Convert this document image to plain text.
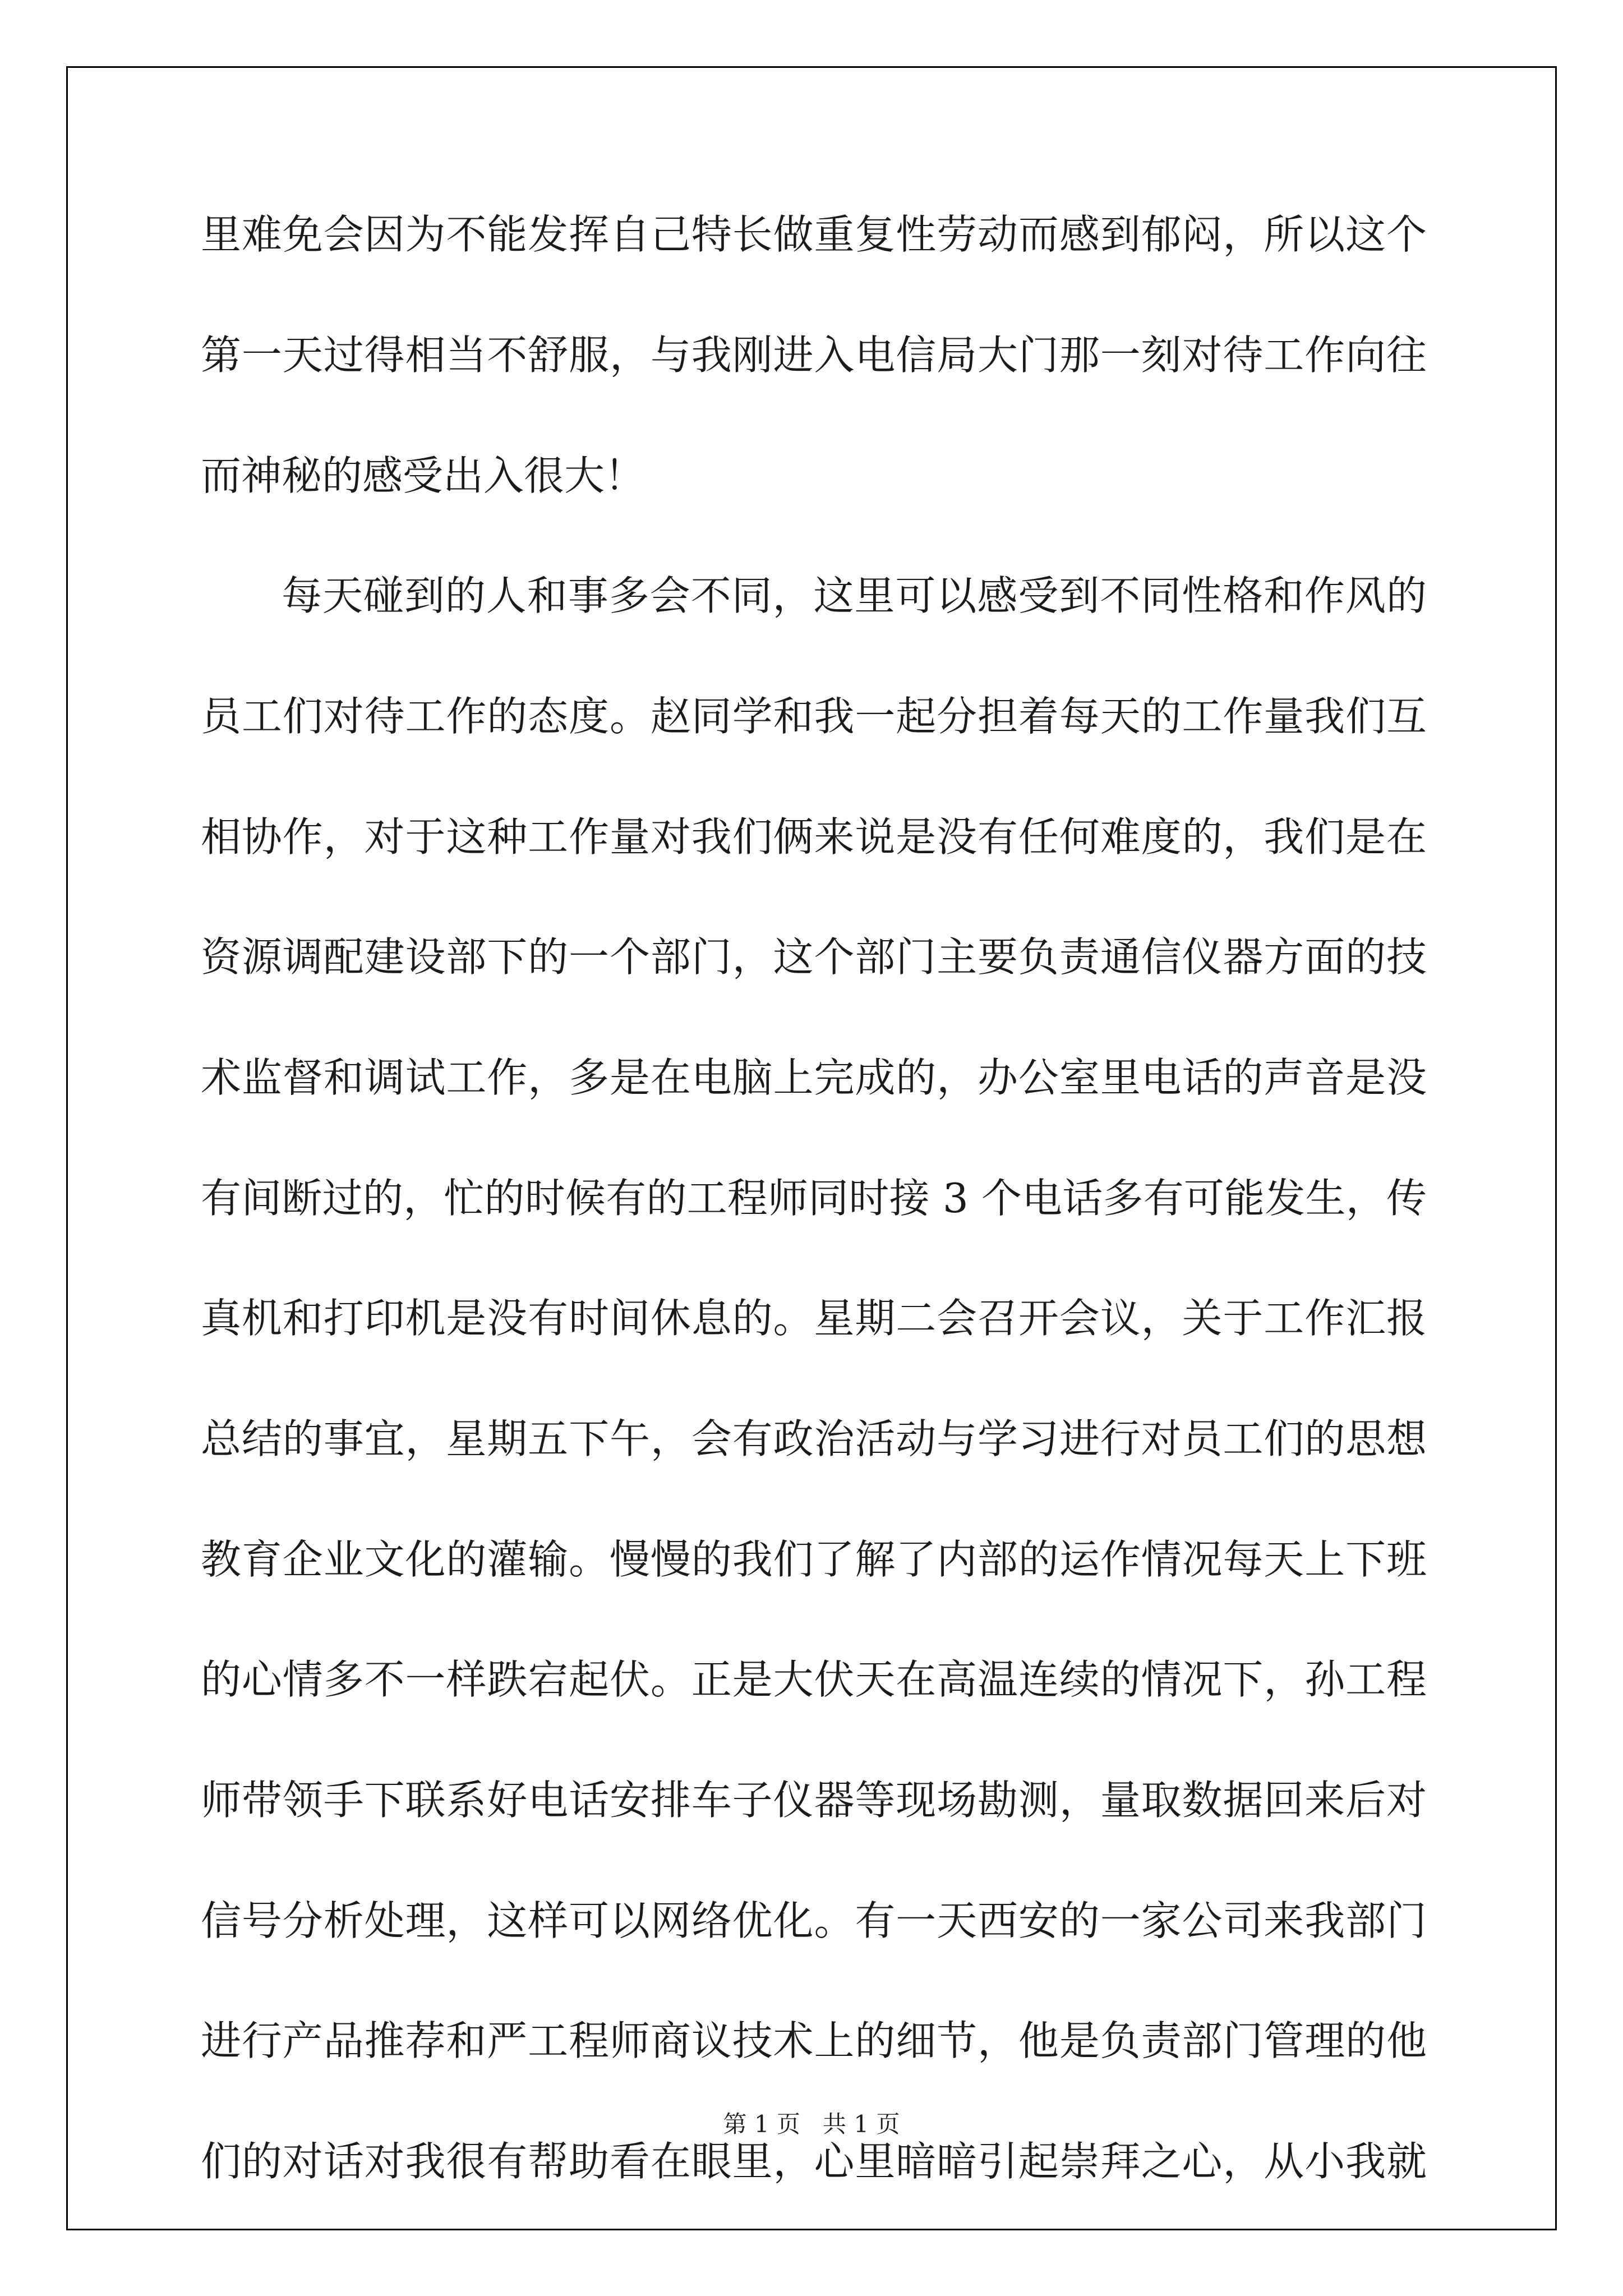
里难免会因为不能发挥自己特长做重复性劳动而感到郁闷，所以这个

第一天过得相当不舒服，与我刚进入电信局大门那一刻对待工作向往

而神秘的感受出入很大！

每天碰到的人和事多会不同，这里可以感受到不同性格和作风的

员工们对待工作的态度。赵同学和我一起分担着每天的工作量我们互

相协作，对于这种工作量对我们俩来说是没有任何难度的，我们是在

资源调配建设部下的一个部门，这个部门主要负责通信仪器方面的技

术监督和调试工作，多是在电脑上完成的，办公室里电话的声音是没

有间断过的，忙的时候有的工程师同时接 3 个电话多有可能发生，传

真机和打印机是没有时间休息的。星期二会召开会议，关于工作汇报

总结的事宜，星期五下午，会有政治活动与学习进行对员工们的思想

教育企业文化的灌输。慢慢的我们了解了内部的运作情况每天上下班

的心情多不一样跌宕起伏。正是大伏天在高温连续的情况下，孙工程

师带领手下联系好电话安排车子仪器等现场勘测，量取数据回来后对

信号分析处理，这样可以网络优化。有一天西安的一家公司来我部门

进行产品推荐和严工程师商议技术上的细节，他是负责部门管理的他

们的对话对我很有帮助看在眼里，心里暗暗引起崇拜之心，从小我就

第 1 页   共 1 页
